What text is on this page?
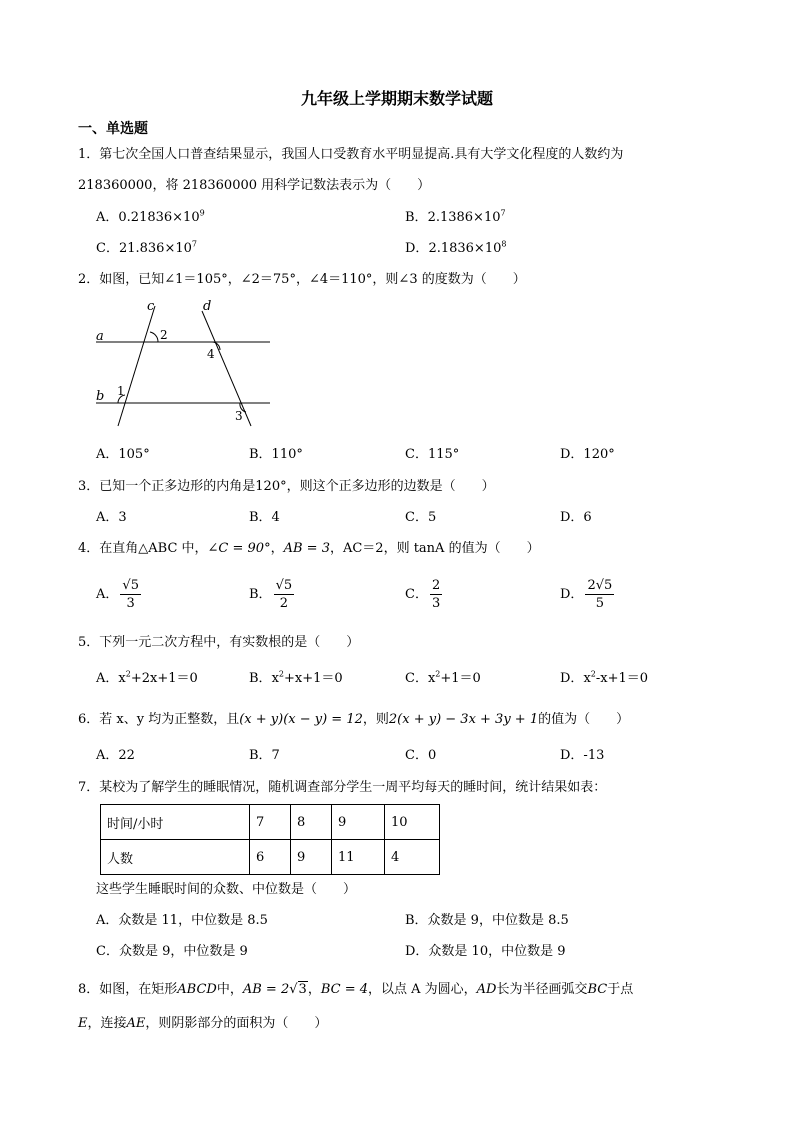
九年级上学期期末数学试题
一、单选题
1．第七次全国人口普查结果显示，我国人口受教育水平明显提高.具有大学文化程度的人数约为
218360000，将 218360000 用科学记数法表示为（　　）
A．$0.21836\times 10^9$	B．$2.1386\times 10^7$
C．$21.836\times 10^7$	D．$2.1836\times 10^8$
2．如图，已知∠1＝105°，∠2＝75°，∠4＝110°，则∠3 的度数为（　　）
a
b
c	d
2
4
1
3
A．105°	B．110°	C．115°	D．120°
3．已知一个正多边形的内角是120°，则这个正多边形的边数是（　　）
A．3	B．4	C．5	D．6
4．在直角△ABC 中，∠C = 90°，AB = 3，AC＝2，则 tanA 的值为（　　）
A． $\frac{√5}{3}$	B． $\frac{√5}{2}$	C． $\frac{2}{3}$	D． $\frac{2√5}{5}$
5．下列一元二次方程中，有实数根的是（　　）
A．$x^2+2x+1=0$	B．$x^2+x+1=0$	C．$x^2+1=0$	D．$x^2-x+1=0$
6．若 x、y 均为正整数，且(x + y)(x − y) = 12，则2(x + y) − 3x + 3y + 1的值为（　　）
A．22	B．7	C．0	D．-13
7．某校为了解学生的睡眠情况，随机调查部分学生一周平均每天的睡时间，统计结果如表：
时间/小时	7	8	9	10
人数	6	9	11	4
这些学生睡眠时间的众数、中位数是（　　）
A．众数是 11，中位数是 8.5	B．众数是 9，中位数是 8.5
C．众数是 9，中位数是 9	D．众数是 10，中位数是 9
8．如图，在矩形ABCD中，AB = 2√3，BC = 4，以点 A 为圆心，AD长为半径画弧交BC于点
E，连接AE，则阴影部分的面积为（　　）
